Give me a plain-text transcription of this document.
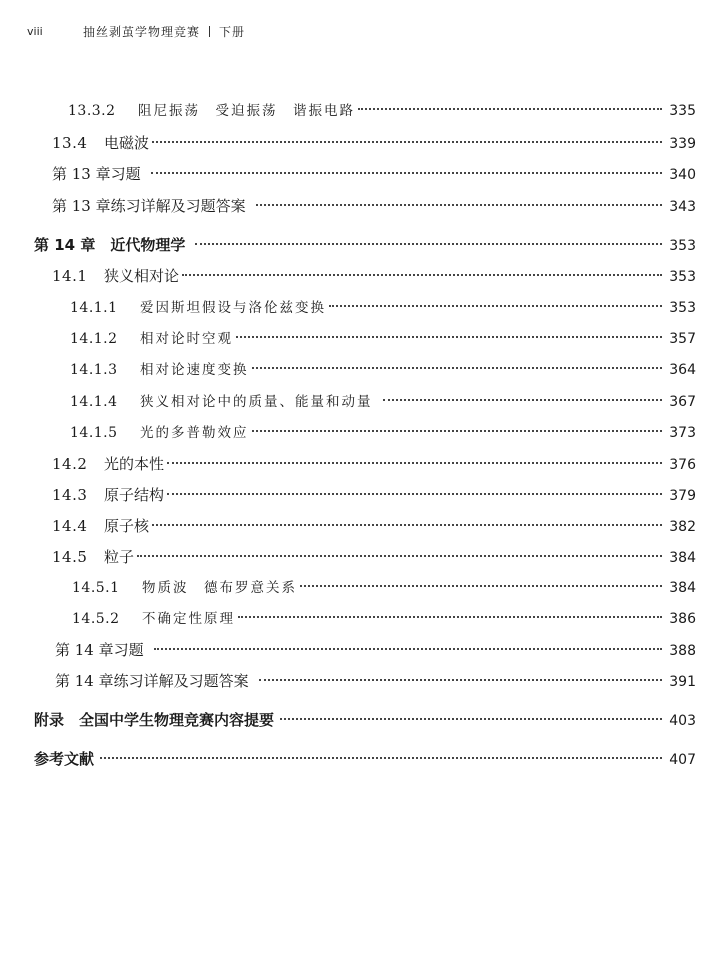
viii	抽丝剥茧学物理竞赛 下册
13.3.2	阻尼振荡　受迫振荡　谐振电路	335
13.4	电磁波	339
第 13 章习题	340
第 13 章练习详解及习题答案	343
第 14 章　近代物理学	353
14.1	狭义相对论	353
14.1.1	爱因斯坦假设与洛伦兹变换	353
14.1.2	相对论时空观	357
14.1.3	相对论速度变换	364
14.1.4	狭义相对论中的质量、能量和动量	367
14.1.5	光的多普勒效应	373
14.2	光的本性	376
14.3	原子结构	379
14.4	原子核	382
14.5	粒子	384
14.5.1	物质波　德布罗意关系	384
14.5.2	不确定性原理	386
第 14 章习题	388
第 14 章练习详解及习题答案	391
附录　全国中学生物理竞赛内容提要	403
参考文献	407
